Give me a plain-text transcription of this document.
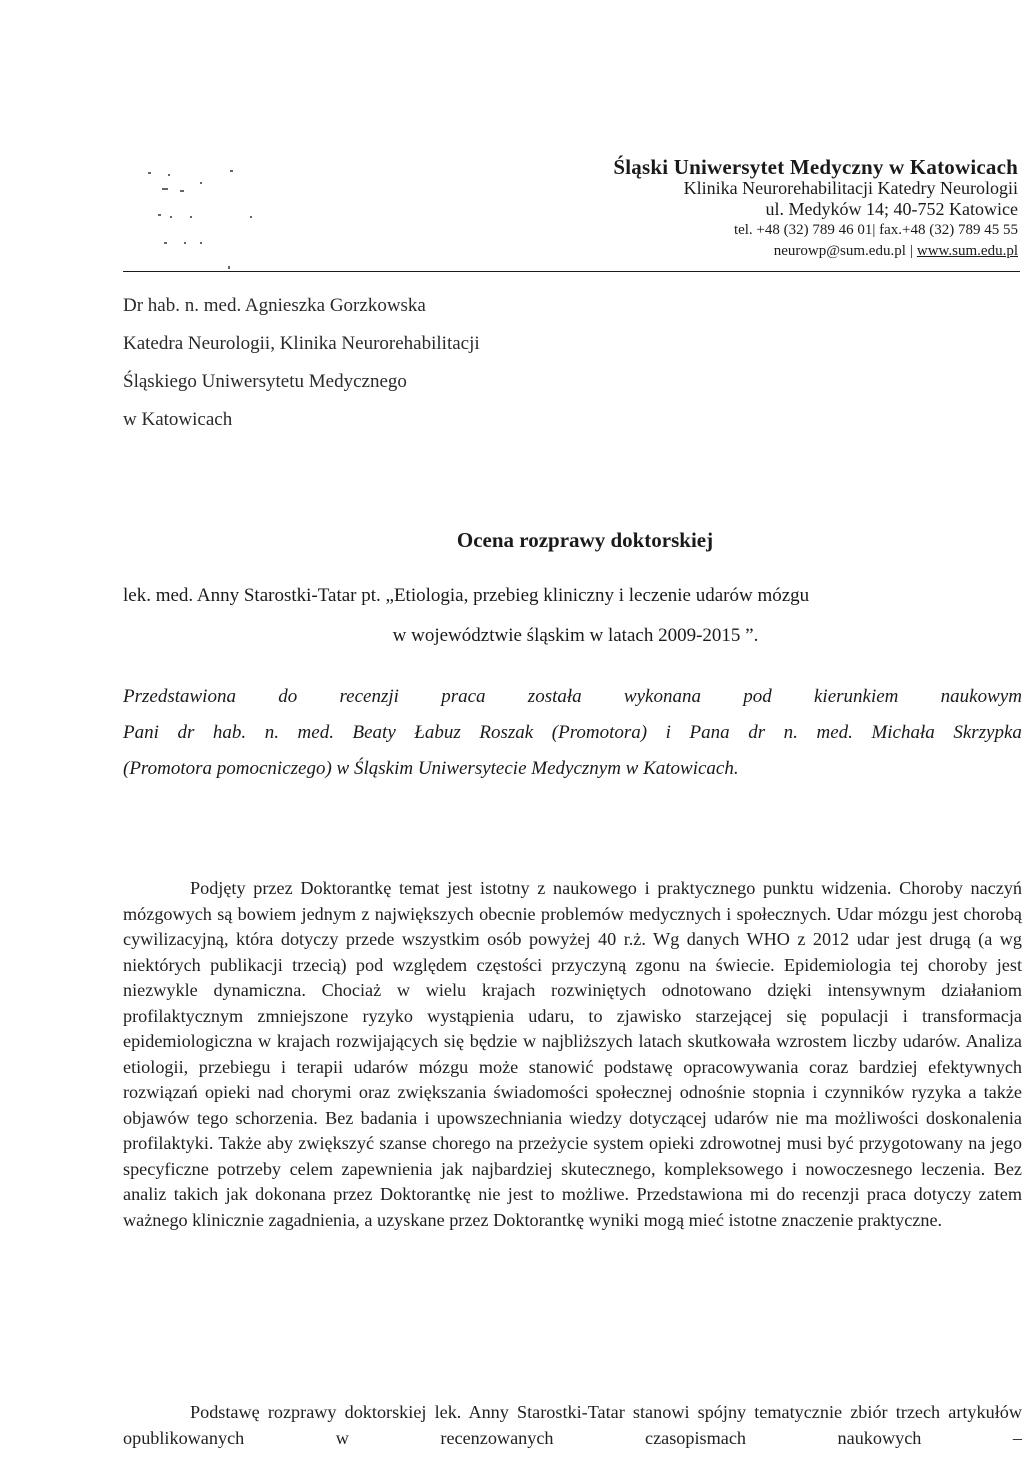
Śląski Uniwersytet Medyczny w Katowicach
Klinika Neurorehabilitacji Katedry Neurologii
ul. Medyków 14; 40-752 Katowice
tel. +48 (32) 789 46 01| fax.+48 (32) 789 45 55
neurowp@sum.edu.pl | www.sum.edu.pl
Dr hab. n. med. Agnieszka Gorzkowska
Katedra Neurologii, Klinika Neurorehabilitacji
Śląskiego Uniwersytetu Medycznego
w Katowicach
Ocena rozprawy doktorskiej
lek. med. Anny Starostki-Tatar pt. „Etiologia, przebieg kliniczny i leczenie udarów mózgu
w województwie śląskim w latach 2009-2015 ”.
Przedstawiona do recenzji praca została wykonana pod kierunkiem naukowym
Pani dr hab. n. med. Beaty Łabuz Roszak (Promotora) i Pana dr n. med. Michała Skrzypka
(Promotora pomocniczego) w Śląskim Uniwersytecie Medycznym w Katowicach.
Podjęty przez Doktorantkę temat jest istotny z naukowego i praktycznego punktu widzenia. Choroby naczyń mózgowych są bowiem jednym z największych obecnie problemów medycznych i społecznych. Udar mózgu jest chorobą cywilizacyjną, która dotyczy przede wszystkim osób powyżej 40 r.ż. Wg danych WHO z 2012 udar jest drugą (a wg niektórych publikacji trzecią) pod względem częstości przyczyną zgonu na świecie. Epidemiologia tej choroby jest niezwykle dynamiczna. Chociaż w wielu krajach rozwiniętych odnotowano dzięki intensywnym działaniom profilaktycznym zmniejszone ryzyko wystąpienia udaru, to zjawisko starzejącej się populacji i transformacja epidemiologiczna w krajach rozwijających się będzie w najbliższych latach skutkowała wzrostem liczby udarów. Analiza etiologii, przebiegu i terapii udarów mózgu może stanowić podstawę opracowywania coraz bardziej efektywnych rozwiązań opieki nad chorymi oraz zwiększania świadomości społecznej odnośnie stopnia i czynników ryzyka a także objawów tego schorzenia. Bez badania i upowszechniania wiedzy dotyczącej udarów nie ma możliwości doskonalenia profilaktyki. Także aby zwiększyć szanse chorego na przeżycie system opieki zdrowotnej musi być przygotowany na jego specyficzne potrzeby celem zapewnienia jak najbardziej skutecznego, kompleksowego i nowoczesnego leczenia. Bez analiz takich jak dokonana przez Doktorantkę nie jest to możliwe. Przedstawiona mi do recenzji praca dotyczy zatem ważnego klinicznie zagadnienia, a uzyskane przez Doktorantkę wyniki mogą mieć istotne znaczenie praktyczne.
Podstawę rozprawy doktorskiej lek. Anny Starostki-Tatar stanowi spójny tematycznie zbiór trzech artykułów opublikowanych w recenzowanych czasopismach naukowych –
